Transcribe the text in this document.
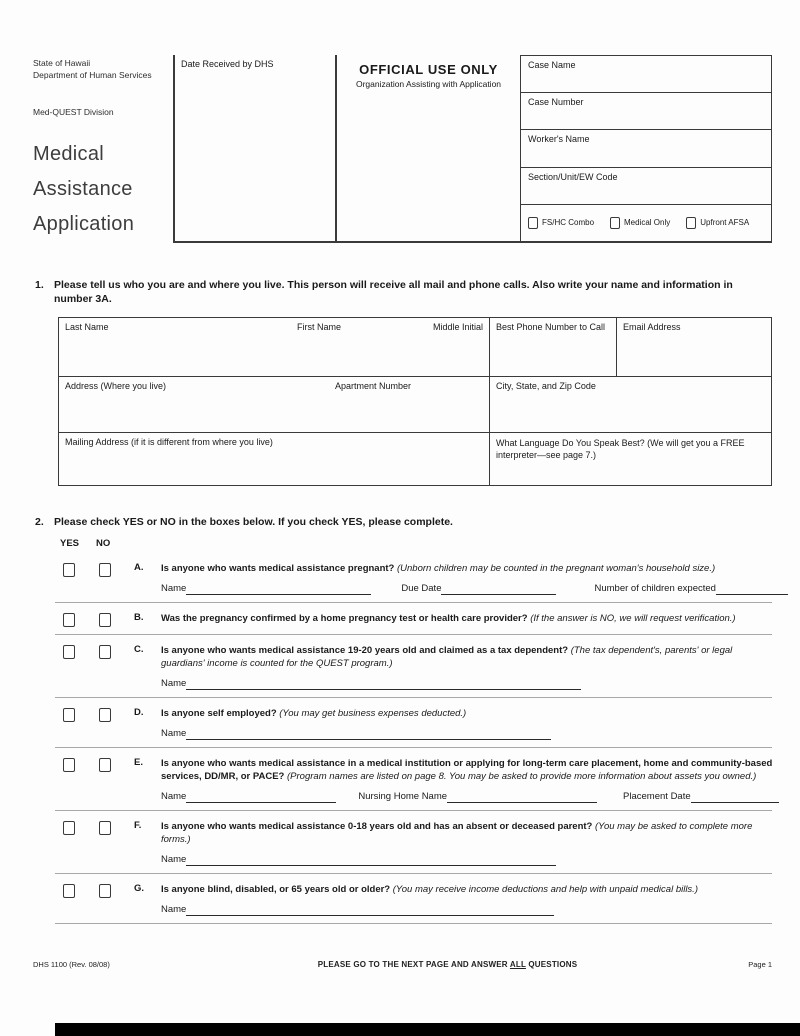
State of Hawaii
Department of Human Services
Med-QUEST Division
Medical
Assistance
Application
Date Received by DHS	OFFICIAL USE ONLY
Organization Assisting with Application
Case Name
Case Number
Worker's Name
Section/Unit/EW Code
FS/HC Combo	Medical Only	Upfront AFSA
1. Please tell us who you are and where you live. This person will receive all mail and phone calls. Also write your name and information in number 3A.
Last Name	First Name	Middle Initial	Best Phone Number to Call	Email Address
Address (Where you live)	Apartment Number	City, State, and Zip Code
Mailing Address (if it is different from where you live)	What Language Do You Speak Best? (We will get you a FREE interpreter—see page 7.)
2. Please check YES or NO in the boxes below. If you check YES, please complete.
YES NO
A.	Is anyone who wants medical assistance pregnant? (Unborn children may be counted in the pregnant woman's household size.)
Name	Due Date	Number of children expected
B.	Was the pregnancy confirmed by a home pregnancy test or health care provider? (If the answer is NO, we will request verification.)
C.	Is anyone who wants medical assistance 19-20 years old and claimed as a tax dependent? (The tax dependent's, parents' or legal guardians' income is counted for the QUEST program.)
Name
D.	Is anyone self employed? (You may get business expenses deducted.)
Name
E.	Is anyone who wants medical assistance in a medical institution or applying for long-term care placement, home and community-based services, DD/MR, or PACE? (Program names are listed on page 8. You may be asked to provide more information about assets you owned.)
Name	Nursing Home Name	Placement Date
F.	Is anyone who wants medical assistance 0-18 years old and has an absent or deceased parent? (You may be asked to complete more forms.)
Name
G.	Is anyone blind, disabled, or 65 years old or older? (You may receive income deductions and help with unpaid medical bills.)
Name
DHS 1100 (Rev. 08/08)	PLEASE GO TO THE NEXT PAGE AND ANSWER ALL QUESTIONS	Page 1
